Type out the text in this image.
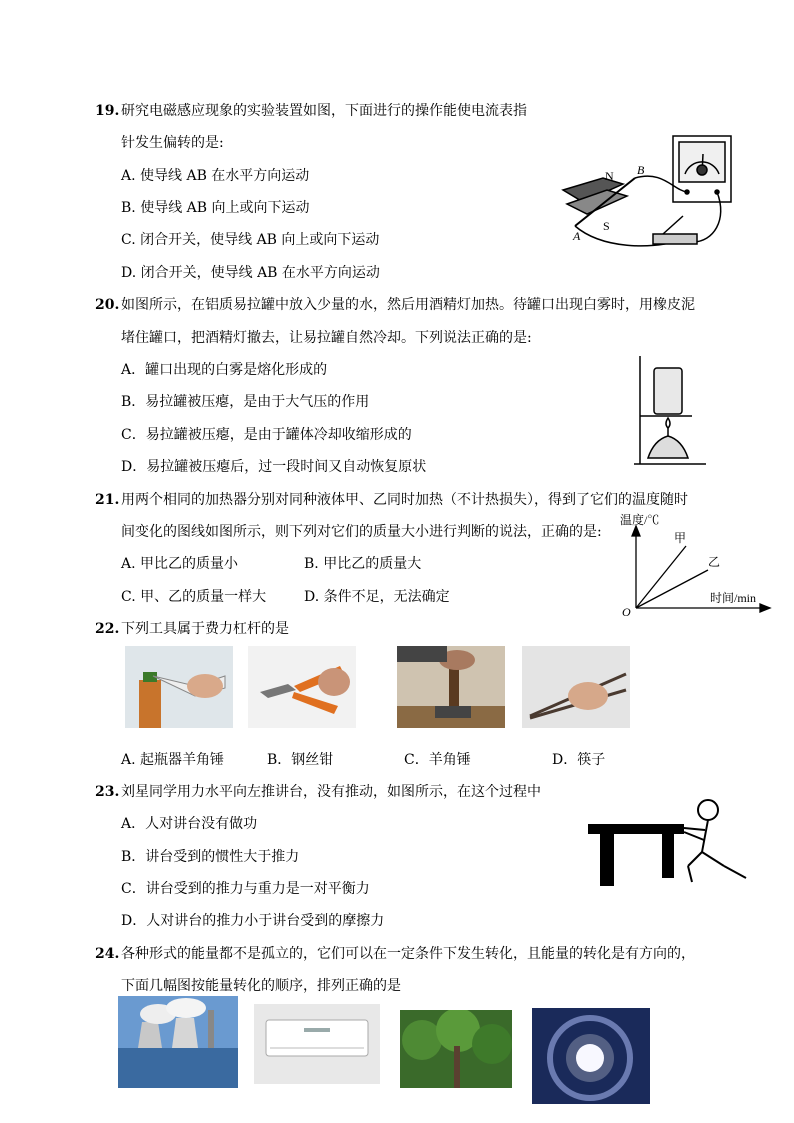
19. 研究电磁感应现象的实验装置如图，下面进行的操作能使电流表指
针发生偏转的是:
A. 使导线 AB 在水平方向运动
B. 使导线 AB 向上或向下运动
C. 闭合开关，使导线 AB 向上或向下运动
D. 闭合开关，使导线 AB 在水平方向运动
N
S
A
B
20. 如图所示，在铝质易拉罐中放入少量的水，然后用酒精灯加热。待罐口出现白雾时，用橡皮泥
堵住罐口，把酒精灯撤去，让易拉罐自然冷却。下列说法正确的是:
A．罐口出现的白雾是熔化形成的
B．易拉罐被压瘪，是由于大气压的作用
C．易拉罐被压瘪，是由于罐体冷却收缩形成的
D．易拉罐被压瘪后，过一段时间又自动恢复原状
21. 用两个相同的加热器分别对同种液体甲、乙同时加热（不计热损失），得到了它们的温度随时
间变化的图线如图所示，则下列对它们的质量大小进行判断的说法，正确的是:
A. 甲比乙的质量小	B. 甲比乙的质量大
C. 甲、乙的质量一样大	D. 条件不足，无法确定
温度/℃
时间/min
O
甲
乙
22. 下列工具属于费力杠杆的是
A. 起瓶器羊角锤	B．钢丝钳	C．羊角锤	D．筷子
23. 刘星同学用力水平向左推讲台，没有推动，如图所示，在这个过程中
A．人对讲台没有做功
B．讲台受到的惯性大于推力
C．讲台受到的推力与重力是一对平衡力
D．人对讲台的推力小于讲台受到的摩擦力
24. 各种形式的能量都不是孤立的，它们可以在一定条件下发生转化，且能量的转化是有方向的，
下面几幅图按能量转化的顺序，排列正确的是
